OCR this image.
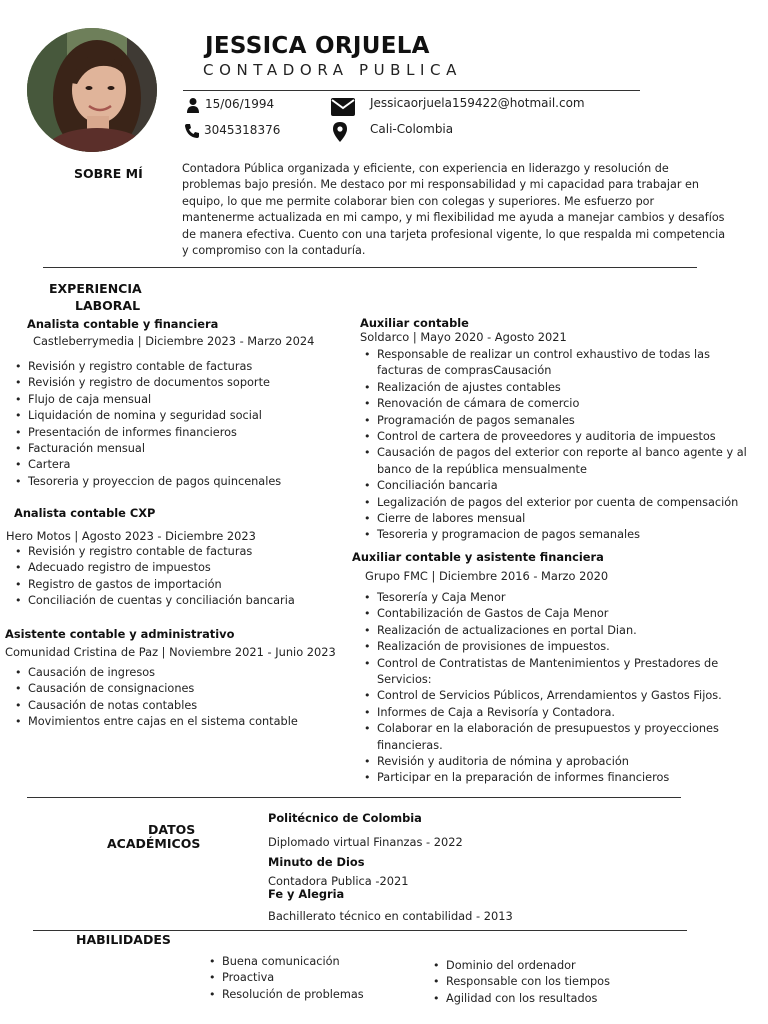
JESSICA ORJUELA
CONTADORA PUBLICA
15/06/1994	Jessicaorjuela159422@hotmail.com
3045318376	Cali-Colombia
SOBRE MÍ	Contadora Pública organizada y eficiente, con experiencia en liderazgo y resolución de problemas bajo presión. Me destaco por mi responsabilidad y mi capacidad para trabajar en equipo, lo que me permite colaborar bien con colegas y superiores. Me esfuerzo por mantenerme actualizada en mi campo, y mi flexibilidad me ayuda a manejar cambios y desafíos de manera efectiva. Cuento con una tarjeta profesional vigente, lo que respalda mi competencia y compromiso con la contaduría.
EXPERIENCIA
LABORAL
Analista contable y financiera
Castleberrymedia | Diciembre 2023 - Marzo 2024
• Revisión y registro contable de facturas
• Revisión y registro de documentos soporte
• Flujo de caja mensual
• Liquidación de nomina y seguridad social
• Presentación de informes financieros
• Facturación mensual
• Cartera
• Tesoreria y proyeccion de pagos quincenales
Analista contable CXP
Hero Motos | Agosto 2023 - Diciembre 2023
• Revisión y registro contable de facturas
• Adecuado registro de impuestos
• Registro de gastos de importación
• Conciliación de cuentas y conciliación bancaria
Asistente contable y administrativo
Comunidad Cristina de Paz | Noviembre 2021 - Junio 2023
• Causación de ingresos
• Causación de consignaciones
• Causación de notas contables
• Movimientos entre cajas en el sistema contable
Auxiliar contable
Soldarco | Mayo 2020 - Agosto 2021
• Responsable de realizar un control exhaustivo de todas las facturas de comprasCausación
• Realización de ajustes contables
• Renovación de cámara de comercio
• Programación de pagos semanales
• Control de cartera de proveedores y auditoria de impuestos
• Causación de pagos del exterior con reporte al banco agente y al banco de la república mensualmente
• Conciliación bancaria
• Legalización de pagos del exterior por cuenta de compensación
• Cierre de labores mensual
• Tesoreria y programacion de pagos semanales
Auxiliar contable y asistente financiera
Grupo FMC | Diciembre 2016 - Marzo 2020
• Tesorería y Caja Menor
• Contabilización de Gastos de Caja Menor
• Realización de actualizaciones en portal Dian.
• Realización de provisiones de impuestos.
• Control de Contratistas de Mantenimientos y Prestadores de Servicios:
• Control de Servicios Públicos, Arrendamientos y Gastos Fijos.
• Informes de Caja a Revisoría y Contadora.
• Colaborar en la elaboración de presupuestos y proyecciones financieras.
• Revisión y auditoria de nómina y aprobación
• Participar en la preparación de informes financieros
DATOS
ACADÉMICOS
Politécnico de Colombia
Diplomado virtual Finanzas - 2022
Minuto de Dios
Contadora Publica -2021
Fe y Alegria
Bachillerato técnico en contabilidad - 2013
HABILIDADES
• Buena comunicación
• Proactiva
• Resolución de problemas
• Dominio del ordenador
• Responsable con los tiempos
• Agilidad con los resultados
